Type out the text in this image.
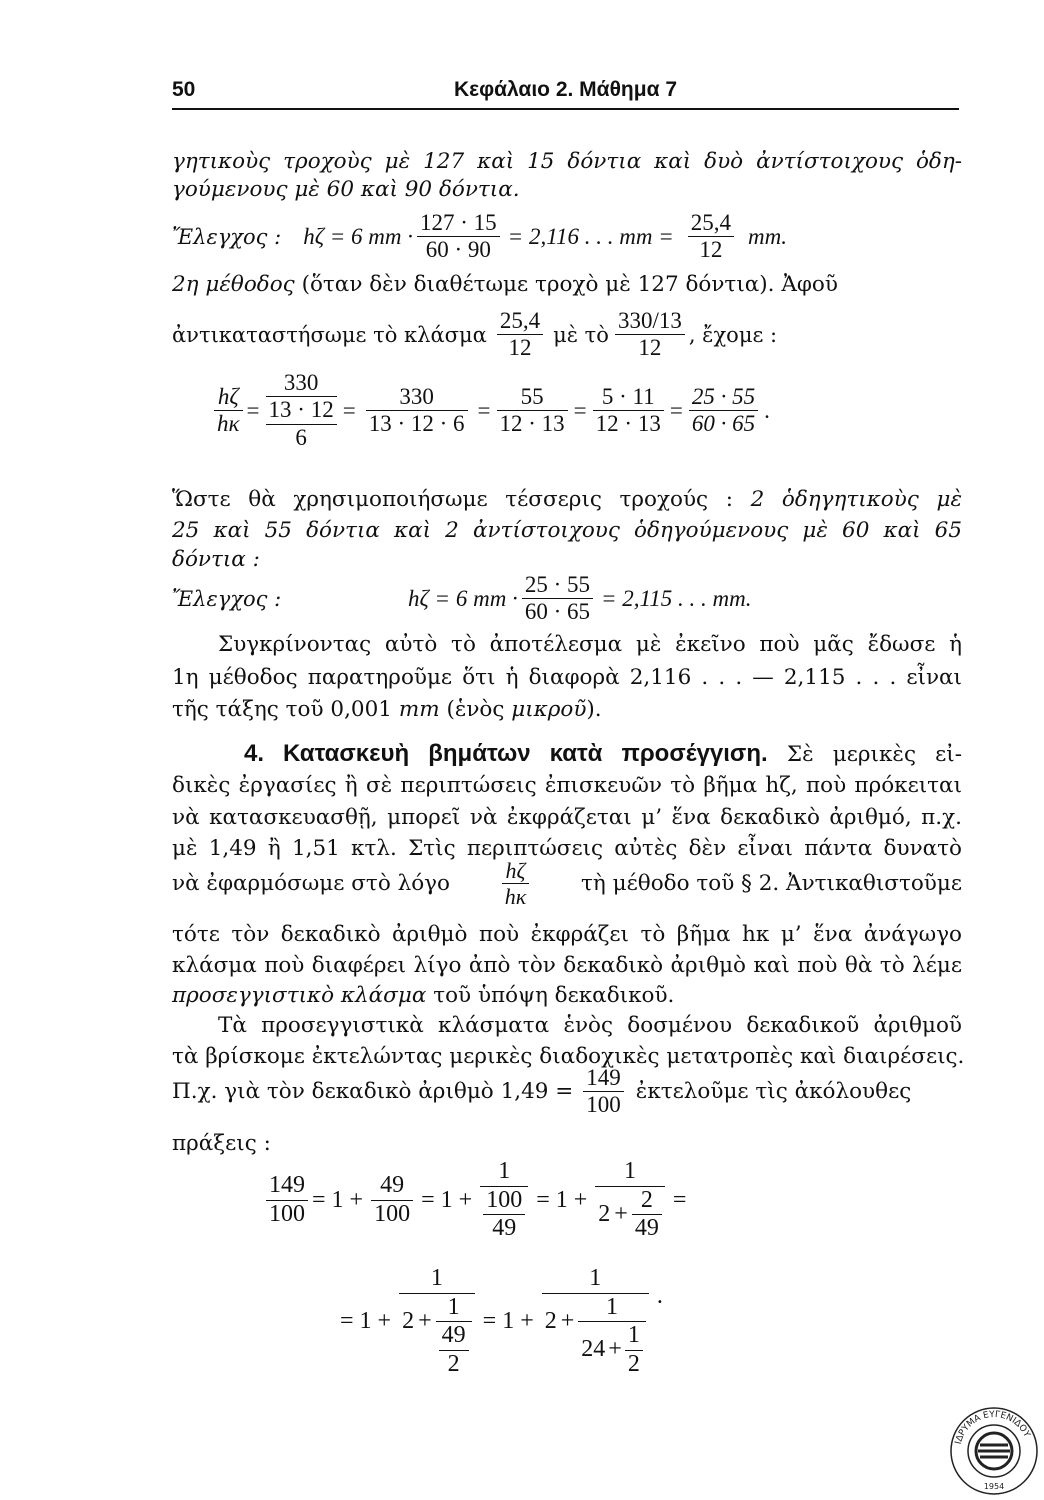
50	Κεφάλαιο 2. Μάθημα 7
γητικοὺς τροχοὺς μὲ 127 καὶ 15 δόντια καὶ δυὸ ἀντίστοιχους ὁδη-
γούμενους μὲ 60 καὶ 90 δόντια.
Ἔλεγχος : hζ = 6 mm · $\frac{127 \cdot 15}{60 \cdot 90} = 2,116$ . . . mm = $\frac{25,4}{12}$ mm.
2η μέθοδος (ὅταν δὲν διαθέτωμε τροχὸ μὲ 127 δόντια). Ἀφοῦ
ἀντικαταστήσωμε τὸ κλάσμα $\frac{25,4}{12}$ μὲ τὸ $\frac{330/13}{12}$ , ἔχομε :
$\frac{h\zeta}{h\kappa}$ =
330
13 · 12
6
= $\frac{330}{13 \cdot 12 \cdot 6} = \frac{55}{12 \cdot 13} = \frac{5 \cdot 11}{12 \cdot 13} = \frac{25 \cdot 55}{60 \cdot 65}$ .
Ὥστε θὰ χρησιμοποιήσωμε τέσσερις τροχούς : 2 ὁδηγητικοὺς μὲ
25 καὶ 55 δόντια καὶ 2 ἀντίστοιχους ὁδηγούμενους μὲ 60 καὶ 65
δόντια :
Ἔλεγχος :	hζ = 6 mm · $\frac{25 \cdot 55}{60 \cdot 65} = 2,115$ . . . mm.
Συγκρίνοντας αὐτὸ τὸ ἀποτέλεσμα μὲ ἐκεῖνο ποὺ μᾶς ἔδωσε ἡ
1η μέθοδος παρατηροῦμε ὅτι ἡ διαφορὰ 2,116 . . . — 2,115 . . . εἶναι
τῆς τάξης τοῦ 0,001 mm (ἑνὸς μικροῦ).
4. Κατασκευὴ βημάτων κατὰ προσέγγιση. Σὲ μερικὲς εἰ-
δικὲς ἐργασίες ἢ σὲ περιπτώσεις ἐπισκευῶν τὸ βῆμα hζ, ποὺ πρόκειται
νὰ κατασκευασθῇ, μπορεῖ νὰ ἐκφράζεται μ’ ἕνα δεκαδικὸ ἀριθμό, π.χ.
μὲ 1,49 ἢ 1,51 κτλ. Στὶς περιπτώσεις αὐτὲς δὲν εἶναι πάντα δυνατὸ
νὰ ἐφαρμόσωμε στὸ λόγο $\frac{h\zeta}{h\kappa}$ τὴ μέθοδο τοῦ § 2. Ἀντικαθιστοῦμε
τότε τὸν δεκαδικὸ ἀριθμὸ ποὺ ἐκφράζει τὸ βῆμα hκ μ’ ἕνα ἀνάγωγο
κλάσμα ποὺ διαφέρει λίγο ἀπὸ τὸν δεκαδικὸ ἀριθμὸ καὶ ποὺ θὰ τὸ λέμε
προσεγγιστικὸ κλάσμα τοῦ ὑπόψη δεκαδικοῦ.
Τὰ προσεγγιστικὰ κλάσματα ἑνὸς δοσμένου δεκαδικοῦ ἀριθμοῦ
τὰ βρίσκομε ἐκτελώντας μερικὲς διαδοχικὲς μετατροπὲς καὶ διαιρέσεις.
Π.χ. γιὰ τὸν δεκαδικὸ ἀριθμὸ $1,49 = \frac{149}{100}$ ἐκτελοῦμε τὶς ἀκόλουθες
πράξεις :
$\frac{149}{100} = 1 + \frac{49}{100} = 1 + 1$
100
$49 = 1 + \frac{1}{2 + \frac{2}{49}}$ =
= 1 + 1
2 + 1
49
$2 = 1 + \frac{1}{2 + \frac{1}{24 + \frac{1}{2}}}$ .
ΙΔΡΥΜΑ ΕΥΓΕΝΙΔΟΥ
1954
